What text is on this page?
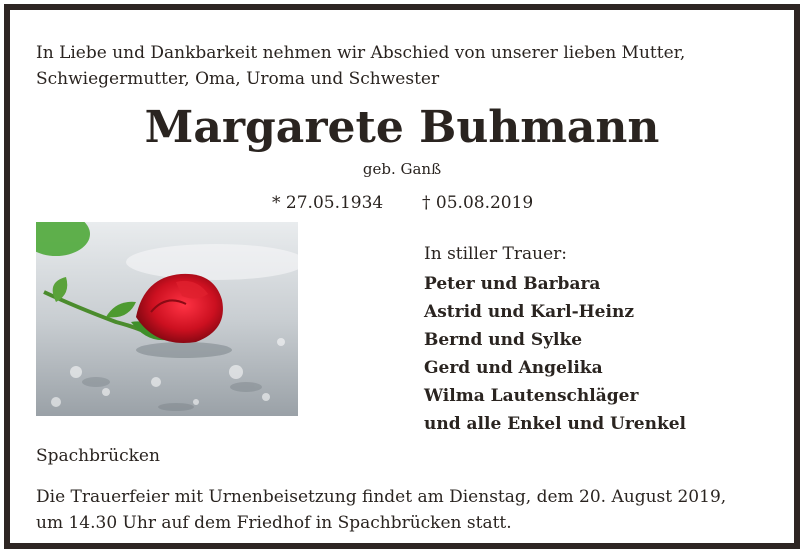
In Liebe und Dankbarkeit nehmen wir Abschied von unserer lieben Mutter,
Schwiegermutter, Oma, Uroma und Schwester
Margarete Buhmann
geb. Ganß
* 27.05.1934 † 05.08.2019
In stiller Trauer:
Peter und Barbara
Astrid und Karl-Heinz
Bernd und Sylke
Gerd und Angelika
Wilma Lautenschläger
und alle Enkel und Urenkel
Spachbrücken
Die Trauerfeier mit Urnenbeisetzung findet am Dienstag, dem 20. August 2019,
um 14.30 Uhr auf dem Friedhof in Spachbrücken statt.
